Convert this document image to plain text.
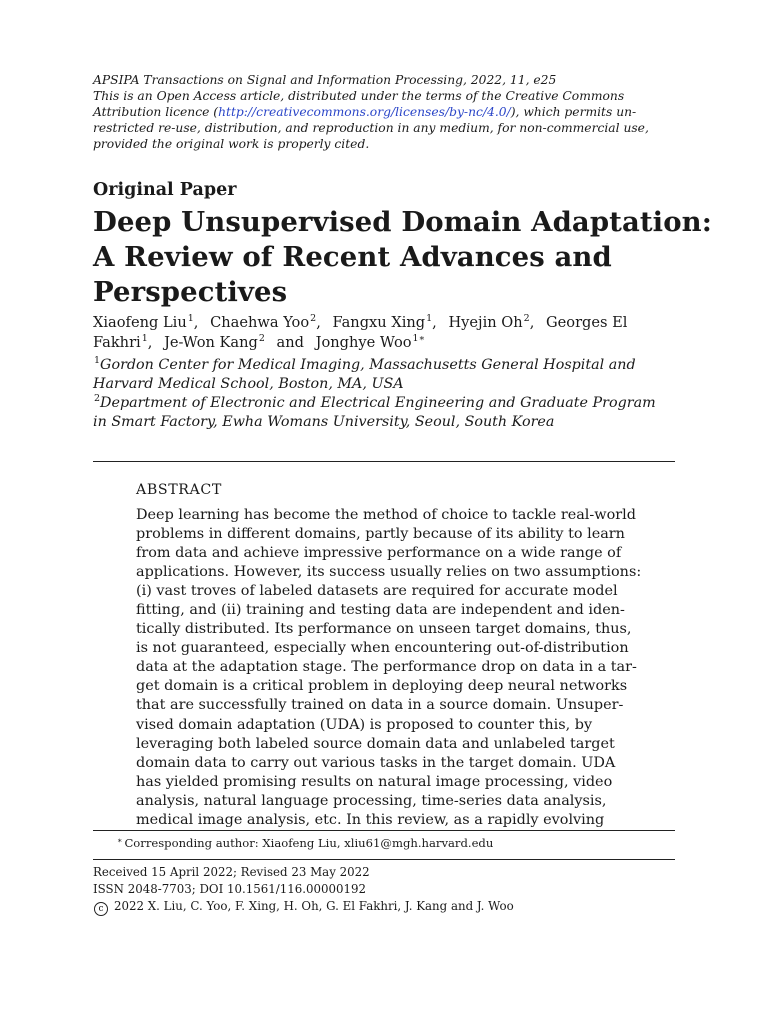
APSIPA Transactions on Signal and Information Processing, 2022, 11, e25
This is an Open Access article, distributed under the terms of the Creative Commons
Attribution licence (http://creativecommons.org/licenses/by-nc/4.0/), which permits un-
restricted re-use, distribution, and reproduction in any medium, for non-commercial use,
provided the original work is properly cited.
Original Paper
Deep Unsupervised Domain Adaptation:
A Review of Recent Advances and
Perspectives
Xiaofeng Liu$^1$, Chaehwa Yoo$^2$, Fangxu Xing$^1$, Hyejin Oh$^2$, Georges El
Fakhri$^1$, Je-Won Kang$^2$ and Jonghye Woo$^{1∗}$
$^1$Gordon Center for Medical Imaging, Massachusetts General Hospital and
Harvard Medical School, Boston, MA, USA
$^2$Department of Electronic and Electrical Engineering and Graduate Program
in Smart Factory, Ewha Womans University, Seoul, South Korea
ABSTRACT
Deep learning has become the method of choice to tackle real-world
problems in different domains, partly because of its ability to learn
from data and achieve impressive performance on a wide range of
applications. However, its success usually relies on two assumptions:
(i) vast troves of labeled datasets are required for accurate model
fitting, and (ii) training and testing data are independent and iden-
tically distributed. Its performance on unseen target domains, thus,
is not guaranteed, especially when encountering out-of-distribution
data at the adaptation stage. The performance drop on data in a tar-
get domain is a critical problem in deploying deep neural networks
that are successfully trained on data in a source domain. Unsuper-
vised domain adaptation (UDA) is proposed to counter this, by
leveraging both labeled source domain data and unlabeled target
domain data to carry out various tasks in the target domain. UDA
has yielded promising results on natural image processing, video
analysis, natural language processing, time-series data analysis,
medical image analysis, etc. In this review, as a rapidly evolving
∗ Corresponding author: Xiaofeng Liu, xliu61@mgh.harvard.edu
Received 15 April 2022; Revised 23 May 2022
ISSN 2048-7703; DOI 10.1561/116.00000192
c 2022 X. Liu, C. Yoo, F. Xing, H. Oh, G. El Fakhri, J. Kang and J. Woo
